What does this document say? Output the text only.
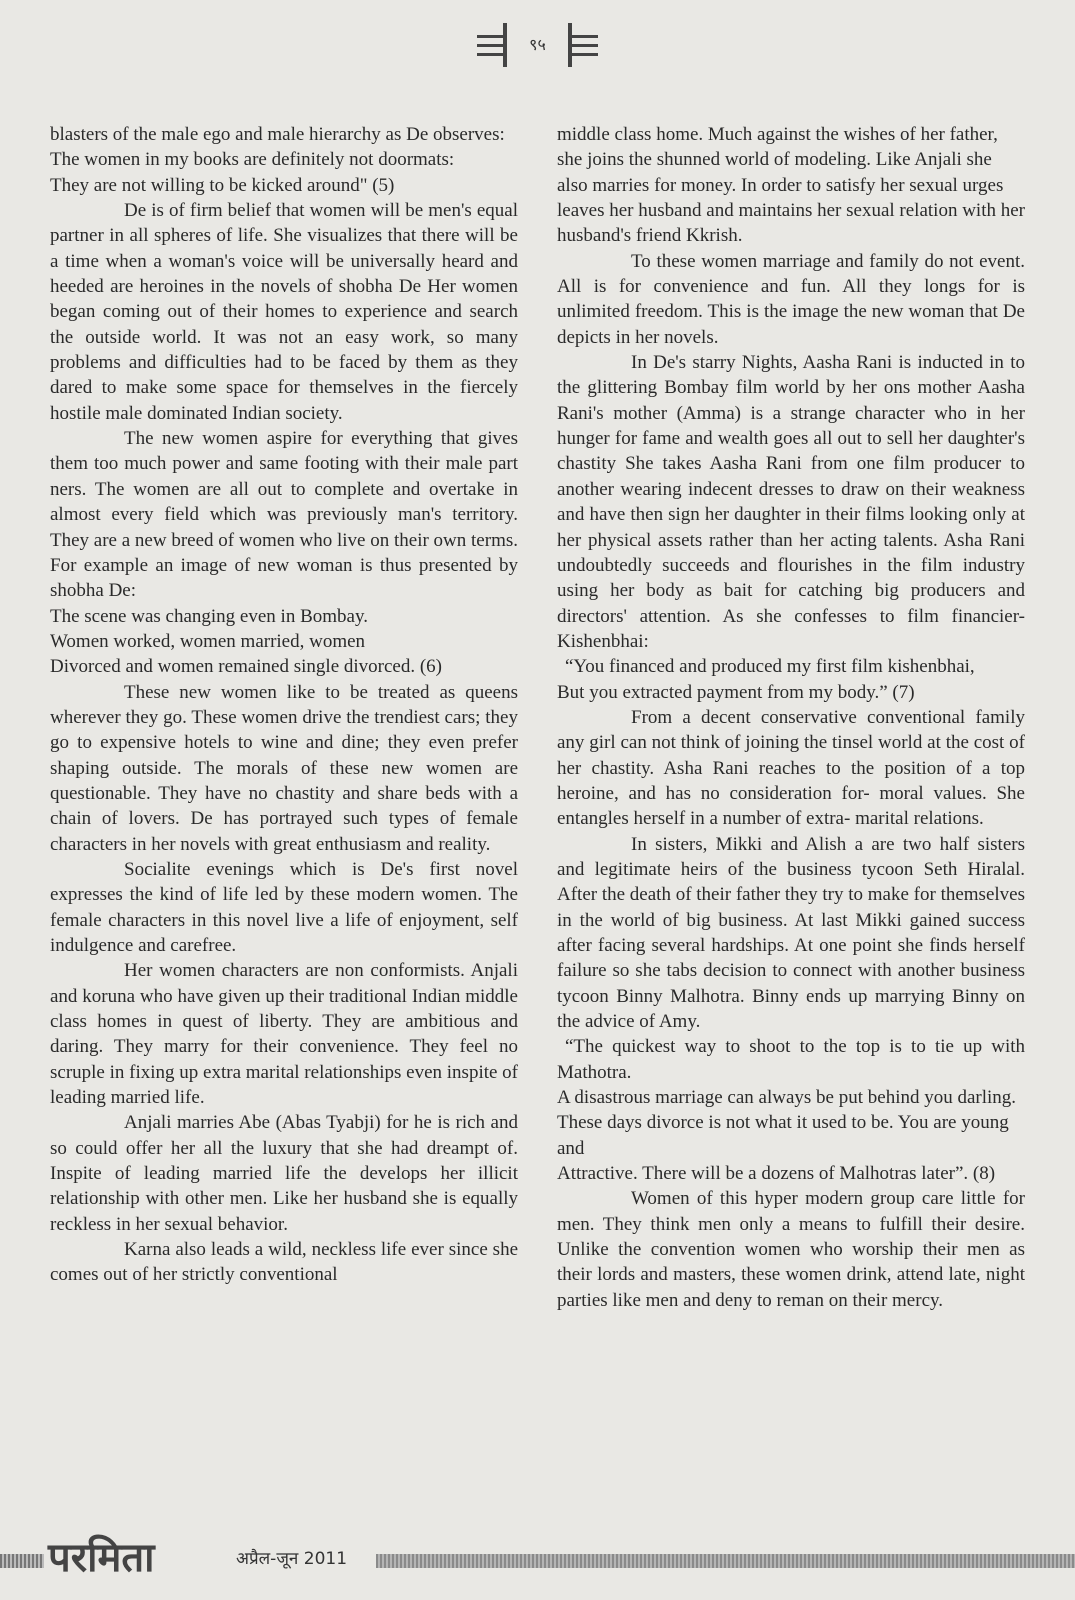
९५

blasters of the male ego and male hierarchy as De observes:

The women in my books are definitely not doormats:

They are not willing to be kicked around" (5)

De is of firm belief that women will be men's equal partner in all spheres of life. She visualizes that there will be a time when a woman's voice will be universally heard and heeded are heroines in the novels of shobha De Her women began coming out of their homes to experience and search the outside world. It was not an easy work, so many problems and difficulties had to be faced by them as they dared to make some space for themselves in the fiercely hostile male dominated Indian society.

The new women aspire for everything that gives them too much power and same footing with their male part ners. The women are all out to complete and overtake in almost every field which was previously man's territory. They are a new breed of women who live on their own terms. For example an image of new woman is thus presented by shobha De:

The scene was changing even in Bombay.

Women worked, women married, women

Divorced and women remained single divorced. (6)

These new women like to be treated as queens wherever they go. These women drive the trendiest cars; they go to expensive hotels to wine and dine; they even prefer shaping outside. The morals of these new women are questionable. They have no chastity and share beds with a chain of lovers. De has portrayed such types of female characters in her novels with great enthusiasm and reality.

Socialite evenings which is De's first novel expresses the kind of life led by these modern women. The female characters in this novel live a life of enjoyment, self indulgence and carefree.

Her women characters are non conformists. Anjali and koruna who have given up their traditional Indian middle class homes in quest of liberty. They are ambitious and daring. They marry for their convenience. They feel no scruple in fixing up extra marital relationships even inspite of leading married life.

Anjali marries Abe (Abas Tyabji) for he is rich and so could offer her all the luxury that she had dreampt of. Inspite of leading married life the develops her illicit relationship with other men. Like her husband she is equally reckless in her sexual behavior.

Karna also leads a wild, neckless life ever since she comes out of her strictly conventional

middle class home. Much against the wishes of her father, she joins the shunned world of modeling. Like Anjali she also marries for money. In order to satisfy her sexual urges leaves her husband and maintains her sexual relation with her husband's friend Kkrish.

To these women marriage and family do not event. All is for convenience and fun. All they longs for is unlimited freedom. This is the image the new woman that De depicts in her novels.

In De's starry Nights, Aasha Rani is inducted in to the glittering Bombay film world by her ons mother Aasha Rani's mother (Amma) is a strange character who in her hunger for fame and wealth goes all out to sell her daughter's chastity She takes Aasha Rani from one film producer to another wearing indecent dresses to draw on their weakness and have then sign her daughter in their films looking only at her physical assets rather than her acting talents. Asha Rani undoubtedly succeeds and flourishes in the film industry using her body as bait for catching big producers and directors' attention. As she confesses to film financier- Kishenbhai:

“You financed and produced my first film kishenbhai,

But you extracted payment from my body.” (7)

From a decent conservative conventional family any girl can not think of joining the tinsel world at the cost of her chastity. Asha Rani reaches to the position of a top heroine, and has no consideration for- moral values. She entangles herself in a number of extra- marital relations.

In sisters, Mikki and Alish a are two half sisters and legitimate heirs of the business tycoon Seth Hiralal. After the death of their father they try to make for themselves in the world of big business. At last Mikki gained success after facing several hardships. At one point she finds herself failure so she tabs decision to connect with another business tycoon Binny Malhotra. Binny ends up marrying Binny on the advice of Amy.

“The quickest way to shoot to the top is to tie up with Mathotra.

A disastrous marriage can always be put behind you darling.

These days divorce is not what it used to be. You are young and

Attractive. There will be a dozens of Malhotras later”. (8)

Women of this hyper modern group care little for men. They think men only a means to fulfill their desire. Unlike the convention women who worship their men as their lords and masters, these women drink, attend late, night parties like men and deny to reman on their mercy.

परमिता	अप्रैल-जून 2011
